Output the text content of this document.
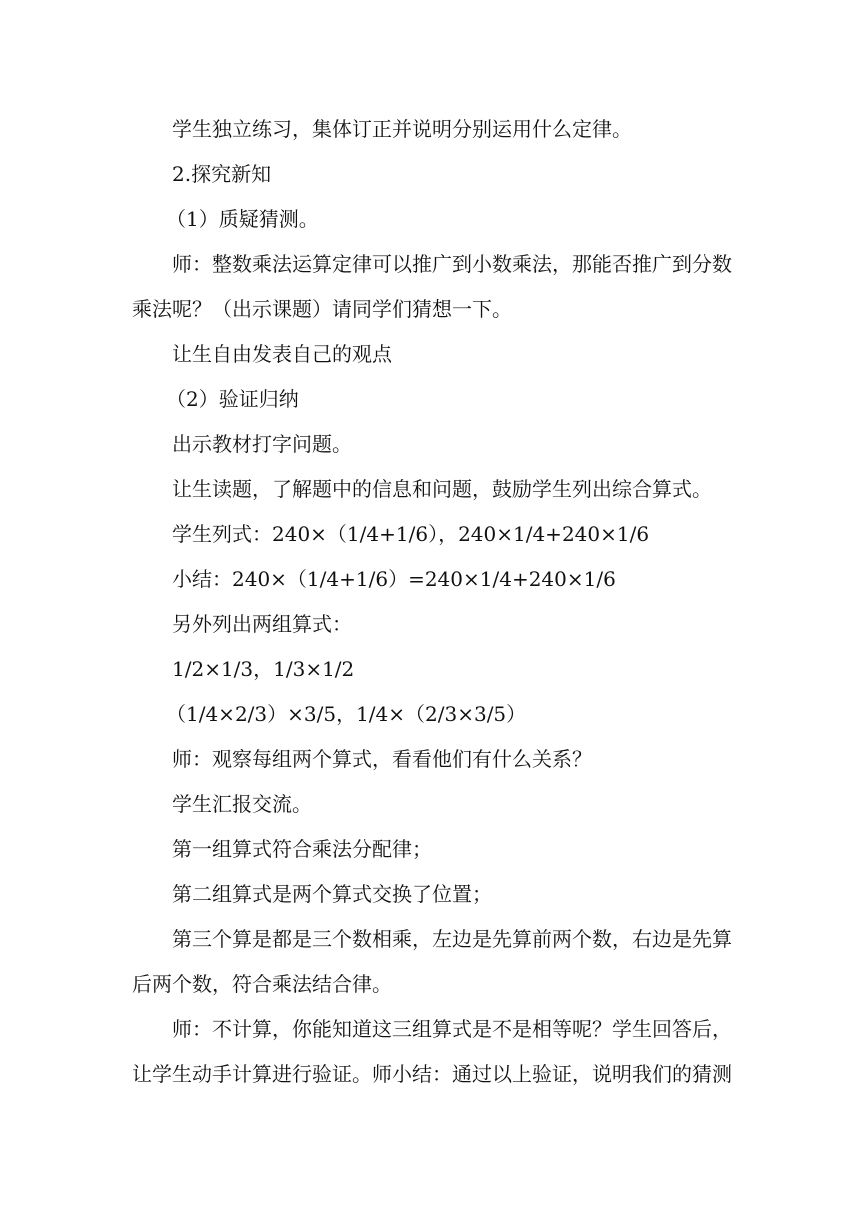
学生独立练习，集体订正并说明分别运用什么定律。
2.探究新知
（1）质疑猜测。
师：整数乘法运算定律可以推广到小数乘法，那能否推广到分数
乘法呢？（出示课题）请同学们猜想一下。
让生自由发表自己的观点
（2）验证归纳
出示教材打字问题。
让生读题，了解题中的信息和问题，鼓励学生列出综合算式。
学生列式：240×（1/4+1/6），240×1/4+240×1/6
小结：240×（1/4+1/6）=240×1/4+240×1/6
另外列出两组算式：
1/2×1/3，1/3×1/2
（1/4×2/3）×3/5，1/4×（2/3×3/5）
师：观察每组两个算式，看看他们有什么关系？
学生汇报交流。
第一组算式符合乘法分配律；
第二组算式是两个算式交换了位置；
第三个算是都是三个数相乘，左边是先算前两个数，右边是先算
后两个数，符合乘法结合律。
师：不计算，你能知道这三组算式是不是相等呢？学生回答后，
让学生动手计算进行验证。师小结：通过以上验证，说明我们的猜测
